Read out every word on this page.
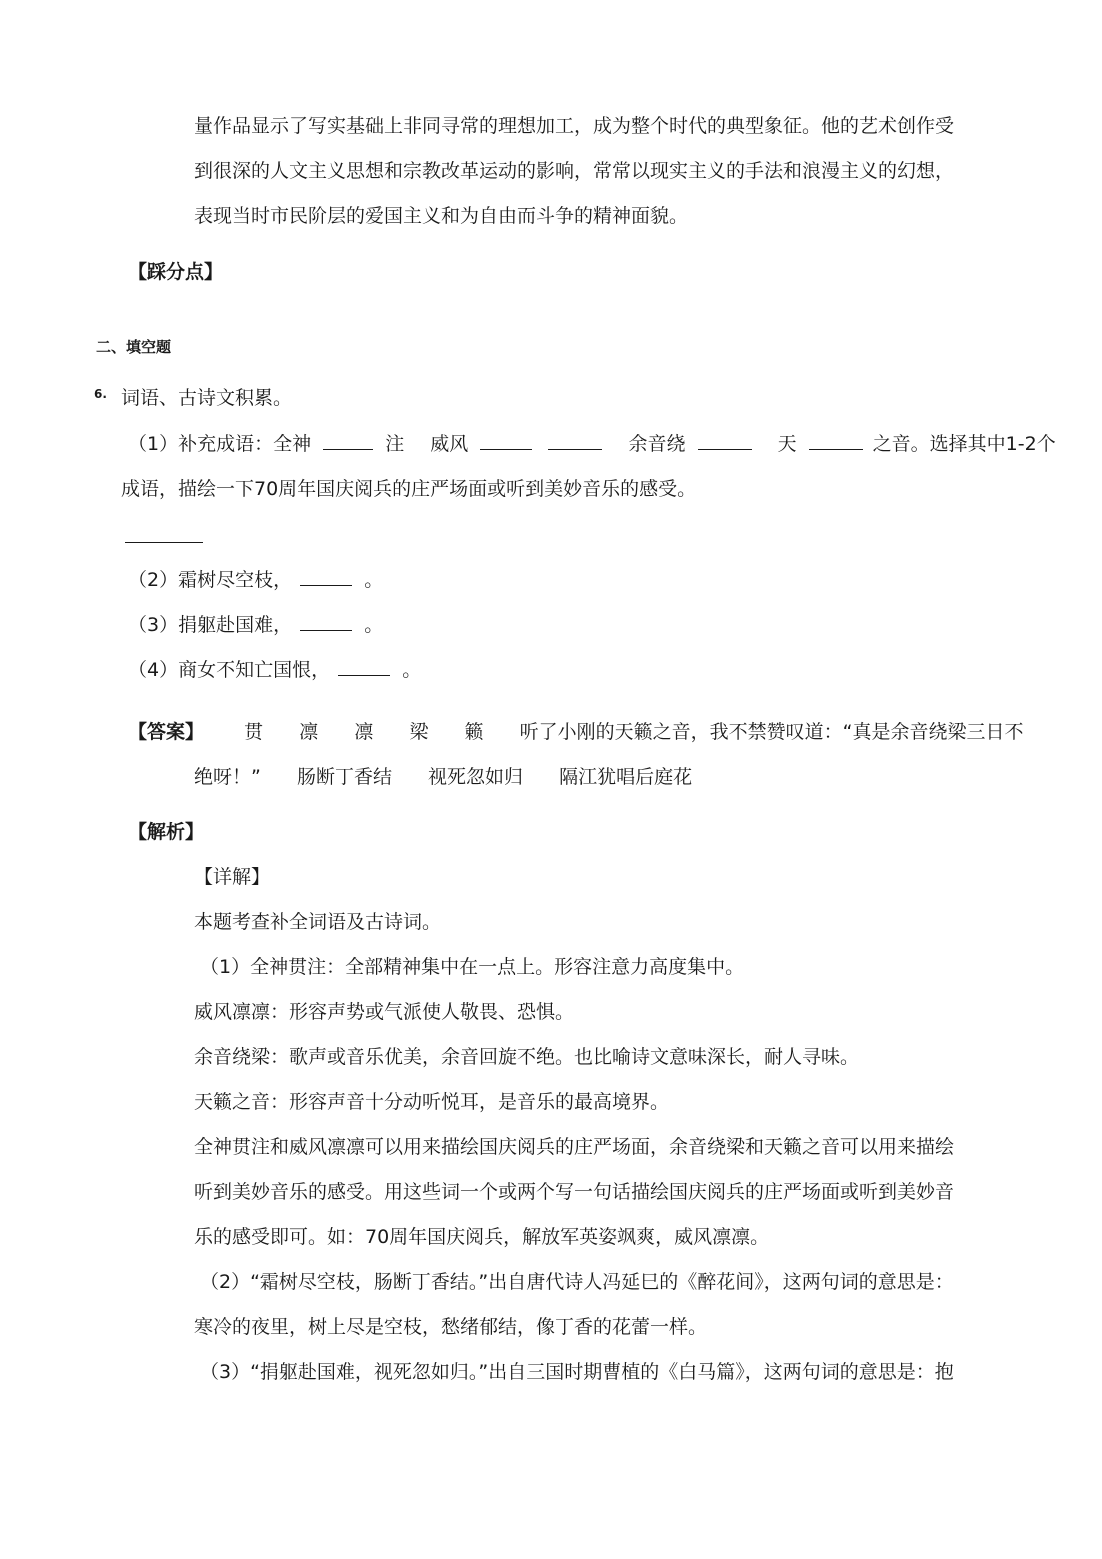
量作品显示了写实基础上非同寻常的理想加工，成为整个时代的典型象征。他的艺术创作受
到很深的人文主义思想和宗教改革运动的影响，常常以现实主义的手法和浪漫主义的幻想，
表现当时市民阶层的爱国主义和为自由而斗争的精神面貌。
【踩分点】
二、填空题
6. 词语、古诗文积累。
（1）补充成语：全神	注 威风	余音绕	天	之音。选择其中1-2个
成语，描绘一下70周年国庆阅兵的庄严场面或听到美妙音乐的感受。
（2）霜树尽空枝，	。
（3）捐躯赴国难，	。
（4）商女不知亡国恨，	。
【答案】 贯 凛 凛 梁 籁 听了小刚的天籁之音，我不禁赞叹道：“真是余音绕梁三日不
绝呀！” 肠断丁香结 视死忽如归 隔江犹唱后庭花
【解析】
【详解】
本题考查补全词语及古诗词。
（1）全神贯注：全部精神集中在一点上。形容注意力高度集中。
威风凛凛：形容声势或气派使人敬畏、恐惧。
余音绕梁：歌声或音乐优美，余音回旋不绝。也比喻诗文意味深长，耐人寻味。
天籁之音：形容声音十分动听悦耳，是音乐的最高境界。
全神贯注和威风凛凛可以用来描绘国庆阅兵的庄严场面，余音绕梁和天籁之音可以用来描绘
听到美妙音乐的感受。用这些词一个或两个写一句话描绘国庆阅兵的庄严场面或听到美妙音
乐的感受即可。如：70周年国庆阅兵，解放军英姿飒爽，威风凛凛。
（2）“霜树尽空枝，肠断丁香结。”出自唐代诗人冯延巳的《醉花间》，这两句词的意思是：
寒冷的夜里，树上尽是空枝，愁绪郁结，像丁香的花蕾一样。
（3）“捐躯赴国难，视死忽如归。”出自三国时期曹植的《白马篇》，这两句词的意思是：抱
